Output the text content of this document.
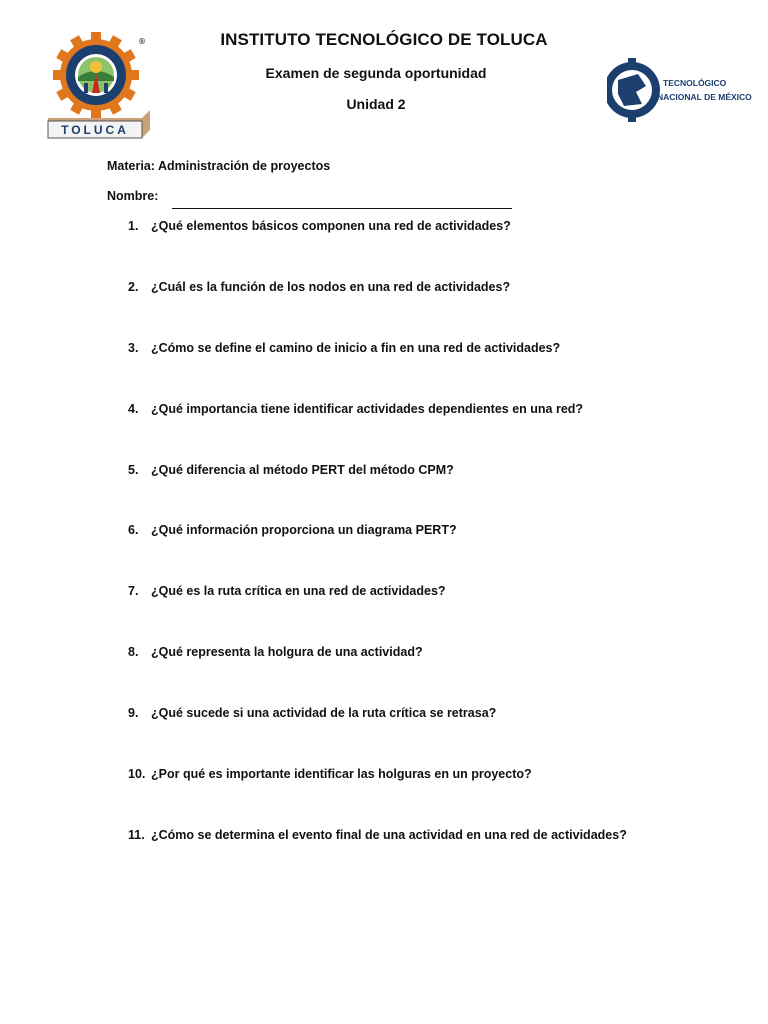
®
TOLUCA
INSTITUTO TECNOLÓGICO DE TOLUCA
Examen de segunda oportunidad
Unidad 2
TECNOLÓGICO
NACIONAL DE MÉXICO
Materia: Administración de proyectos
Nombre:
1.	¿Qué elementos básicos componen una red de actividades?
2.	¿Cuál es la función de los nodos en una red de actividades?
3.	¿Cómo se define el camino de inicio a fin en una red de actividades?
4.	¿Qué importancia tiene identificar actividades dependientes en una red?
5.	¿Qué diferencia al método PERT del método CPM?
6.	¿Qué información proporciona un diagrama PERT?
7.	¿Qué es la ruta crítica en una red de actividades?
8.	¿Qué representa la holgura de una actividad?
9.	¿Qué sucede si una actividad de la ruta crítica se retrasa?
10. ¿Por qué es importante identificar las holguras en un proyecto?
11. ¿Cómo se determina el evento final de una actividad en una red de actividades?
